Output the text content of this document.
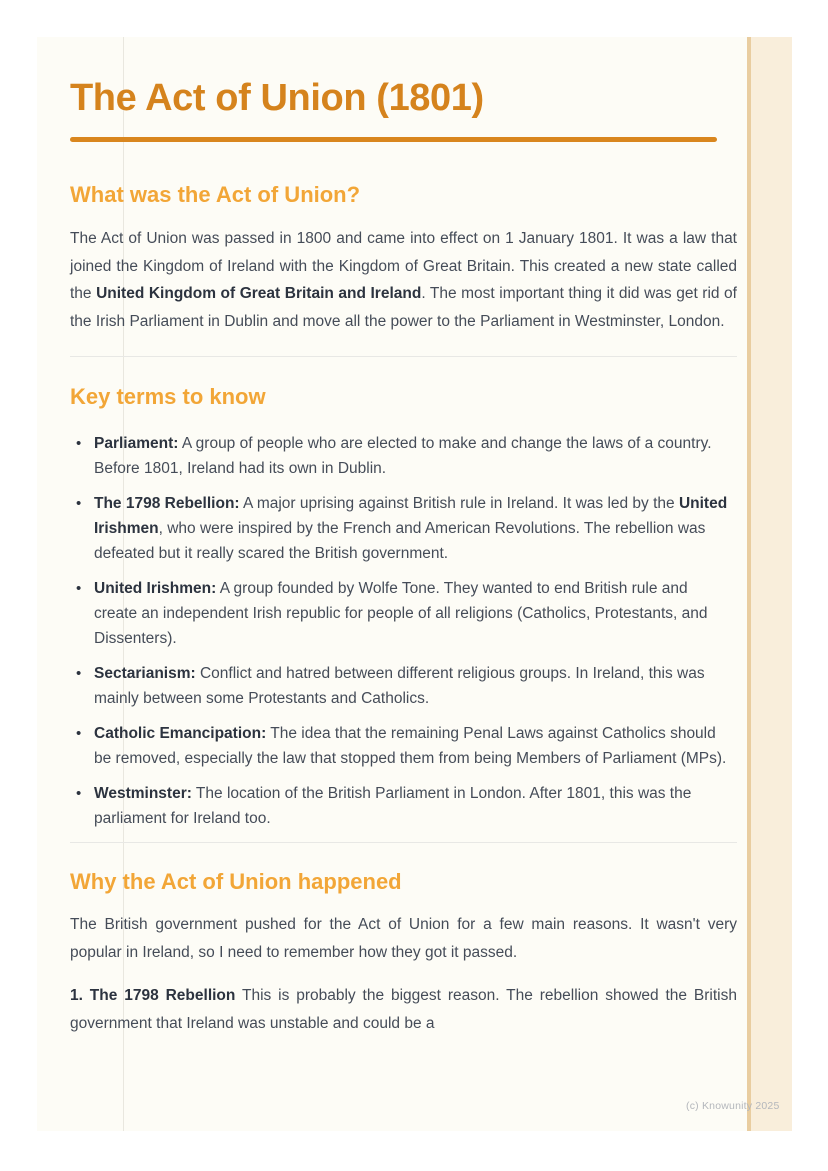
The Act of Union (1801)
What was the Act of Union?

The Act of Union was passed in 1800 and came into effect on 1 January 1801. It was a law that joined the Kingdom of Ireland with the Kingdom of Great Britain. This created a new state called the United Kingdom of Great Britain and Ireland. The most important thing it did was get rid of the Irish Parliament in Dublin and move all the power to the Parliament in Westminster, London.

Key terms to know
• Parliament: A group of people who are elected to make and change the laws of a country. Before 1801, Ireland had its own in Dublin.
• The 1798 Rebellion: A major uprising against British rule in Ireland. It was led by the United Irishmen, who were inspired by the French and American Revolutions. The rebellion was defeated but it really scared the British government.
• United Irishmen: A group founded by Wolfe Tone. They wanted to end British rule and create an independent Irish republic for people of all religions (Catholics, Protestants, and Dissenters).
• Sectarianism: Conflict and hatred between different religious groups. In Ireland, this was mainly between some Protestants and Catholics.
• Catholic Emancipation: The idea that the remaining Penal Laws against Catholics should be removed, especially the law that stopped them from being Members of Parliament (MPs).
• Westminster: The location of the British Parliament in London. After 1801, this was the parliament for Ireland too.
Why the Act of Union happened

The British government pushed for the Act of Union for a few main reasons. It wasn't very popular in Ireland, so I need to remember how they got it passed.

1. The 1798 Rebellion This is probably the biggest reason. The rebellion showed the British government that Ireland was unstable and could be a

(c) Knowunity 2025
